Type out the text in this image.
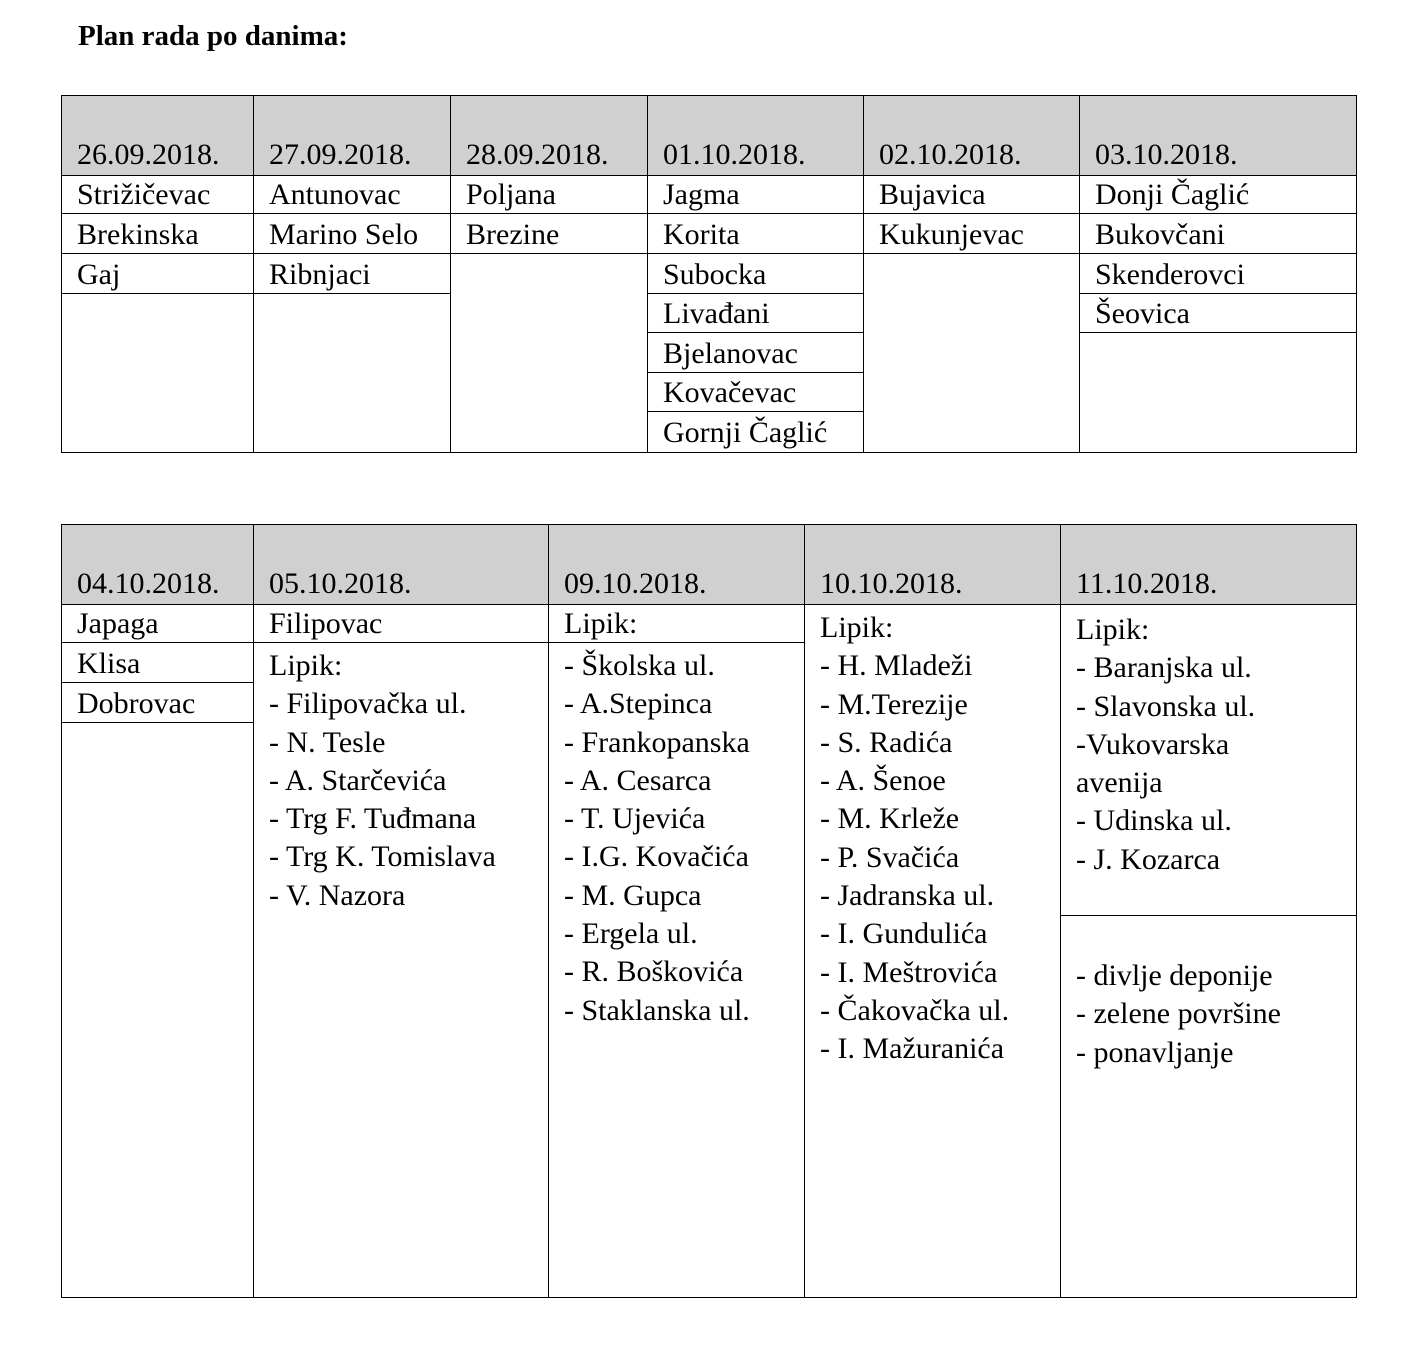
Plan rada po danima:
26.09.2018.
Strižičevac
Brekinska
Gaj
27.09.2018.
Antunovac
Marino Selo
Ribnjaci
28.09.2018.
Poljana
Brezine
01.10.2018.
Jagma
Korita
Subocka
Livađani
Bjelanovac
Kovačevac
Gornji Čaglić
02.10.2018.
Bujavica
Kukunjevac
03.10.2018.
Donji Čaglić
Bukovčani
Skenderovci
Šeovica
04.10.2018.
Japaga
Klisa
Dobrovac
05.10.2018.
Filipovac
Lipik:
- Filipovačka ul.
- N. Tesle
- A. Starčevića
- Trg F. Tuđmana
- Trg K. Tomislava
- V. Nazora
09.10.2018.
Lipik:
- Školska ul.
- A.Stepinca
- Frankopanska
- A. Cesarca
- T. Ujevića
- I.G. Kovačića
- M. Gupca
- Ergela ul.
- R. Boškovića
- Staklanska ul.
10.10.2018.
Lipik:
- H. Mladeži
- M.Terezije
- S. Radića
- A. Šenoe
- M. Krleže
- P. Svačića
- Jadranska ul.
- I. Gundulića
- I. Meštrovića
- Čakovačka ul.
- I. Mažuranića
11.10.2018.
Lipik:
- Baranjska ul.
- Slavonska ul.
-Vukovarska
avenija
- Udinska ul.
- J. Kozarca
- divlje deponije
- zelene površine
- ponavljanje
